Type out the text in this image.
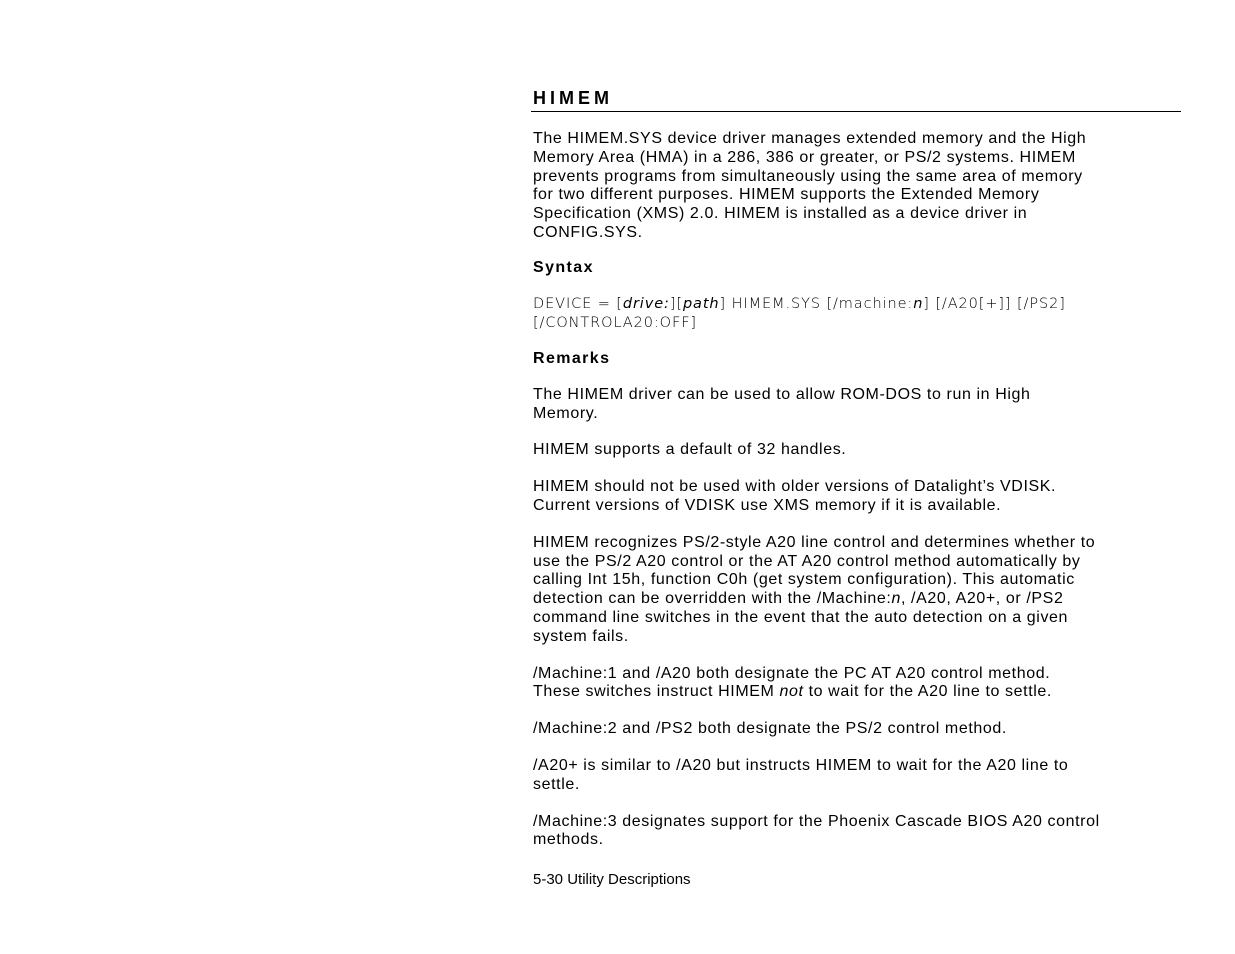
HIMEM
The HIMEM.SYS device driver manages extended memory and the High
Memory Area (HMA) in a 286, 386 or greater, or PS/2 systems. HIMEM
prevents programs from simultaneously using the same area of memory
for two different purposes. HIMEM supports the Extended Memory
Specification (XMS) 2.0. HIMEM is installed as a device driver in
CONFIG.SYS.
Syntax
DEVICE = [drive:][path] HIMEM.SYS [/machine:n] [/A20[+]] [/PS2]
[/CONTROLA20:OFF]
Remarks
The HIMEM driver can be used to allow ROM-DOS to run in High
Memory.
HIMEM supports a default of 32 handles.
HIMEM should not be used with older versions of Datalight’s VDISK.
Current versions of VDISK use XMS memory if it is available.
HIMEM recognizes PS/2-style A20 line control and determines whether to
use the PS/2 A20 control or the AT A20 control method automatically by
calling Int 15h, function C0h (get system configuration). This automatic
detection can be overridden with the /Machine:n, /A20, A20+, or /PS2
command line switches in the event that the auto detection on a given
system fails.
/Machine:1 and /A20 both designate the PC AT A20 control method.
These switches instruct HIMEM not to wait for the A20 line to settle.
/Machine:2 and /PS2 both designate the PS/2 control method.
/A20+ is similar to /A20 but instructs HIMEM to wait for the A20 line to
settle.
/Machine:3 designates support for the Phoenix Cascade BIOS A20 control
methods.
5-30 Utility Descriptions
